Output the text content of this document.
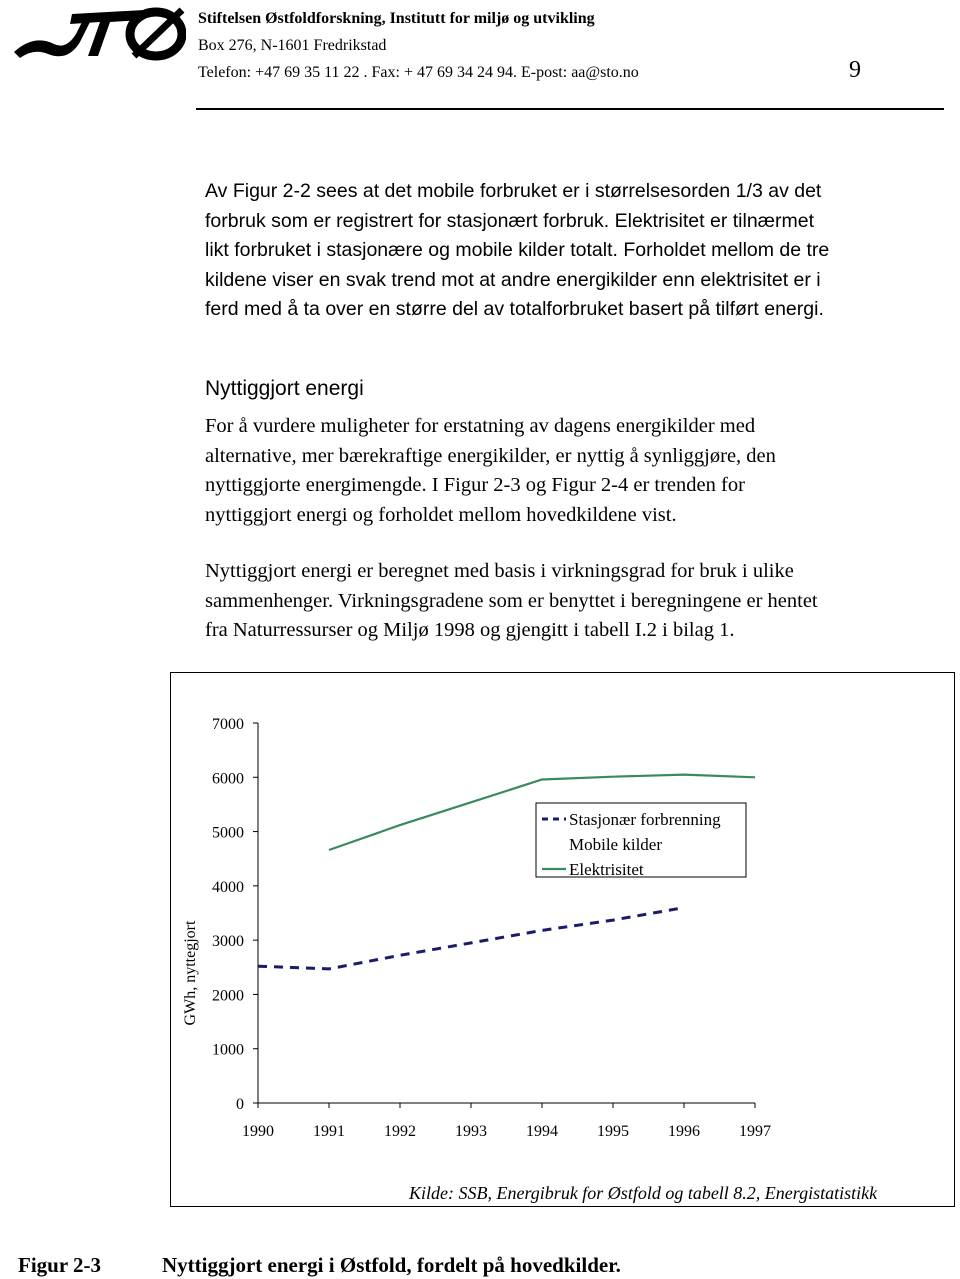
Stiftelsen Østfoldforskning, Institutt for miljø og utvikling
Box 276, N-1601 Fredrikstad
Telefon: +47 69 35 11 22 . Fax: + 47 69 34 24 94. E-post: aa@sto.no	9
Av Figur 2-2 sees at det mobile forbruket er i størrelsesorden 1/3 av det
forbruk som er registrert for stasjonært forbruk. Elektrisitet er tilnærmet
likt forbruket i stasjonære og mobile kilder totalt. Forholdet mellom de tre
kildene viser en svak trend mot at andre energikilder enn elektrisitet er i
ferd med å ta over en større del av totalforbruket basert på tilført energi.
Nyttiggjort energi
For å vurdere muligheter for erstatning av dagens energikilder med
alternative, mer bærekraftige energikilder, er nyttig å synliggjøre, den
nyttiggjorte energimengde. I Figur 2-3 og Figur 2-4 er trenden for
nyttiggjort energi og forholdet mellom hovedkildene vist.
Nyttiggjort energi er beregnet med basis i virkningsgrad for bruk i ulike
sammenhenger. Virkningsgradene som er benyttet i beregningene er hentet
fra Naturressurser og Miljø 1998 og gjengitt i tabell I.2 i bilag 1.
0
1000
2000
3000
4000
5000
6000
7000
1990 1991 1992 1993 1994 1995 1996 1997
GWh, nyttegjort
Stasjonær forbrenning
Mobile kilder
Elektrisitet
Kilde: SSB, Energibruk for Østfold og tabell 8.2, Energistatistikk
Figur 2-3	Nyttiggjort energi i Østfold, fordelt på hovedkilder.
